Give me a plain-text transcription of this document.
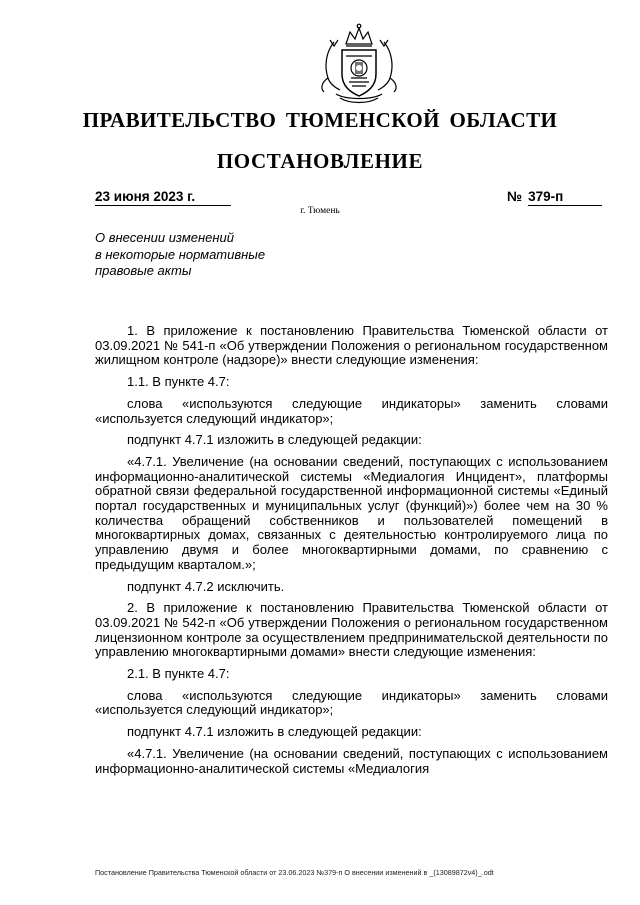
ПРАВИТЕЛЬСТВО ТЮМЕНСКОЙ ОБЛАСТИ
ПОСТАНОВЛЕНИЕ
23 июня 2023 г.	№ 379-п
г. Тюмень
О внесении изменений
в некоторые нормативные
правовые акты

1. В приложение к постановлению Правительства Тюменской области от 03.09.2021 № 541-п «Об утверждении Положения о региональном государственном жилищном контроле (надзоре)» внести следующие изменения:

1.1. В пункте 4.7:

слова «используются следующие индикаторы» заменить словами «используется следующий индикатор»;

подпункт 4.7.1 изложить в следующей редакции:

«4.7.1. Увеличение (на основании сведений, поступающих с использованием информационно-аналитической системы «Медиалогия Инцидент», платформы обратной связи федеральной государственной информационной системы «Единый портал государственных и муниципальных услуг (функций)») более чем на 30 % количества обращений собственников и пользователей помещений в многоквартирных домах, связанных с деятельностью контролируемого лица по управлению двумя и более многоквартирными домами, по сравнению с предыдущим кварталом.»;

подпункт 4.7.2 исключить.

2. В приложение к постановлению Правительства Тюменской области от 03.09.2021 № 542-п «Об утверждении Положения о региональном государственном лицензионном контроле за осуществлением предпринимательской деятельности по управлению многоквартирными домами» внести следующие изменения:

2.1. В пункте 4.7:

слова «используются следующие индикаторы» заменить словами «используется следующий индикатор»;

подпункт 4.7.1 изложить в следующей редакции:

«4.7.1. Увеличение (на основании сведений, поступающих с использованием информационно-аналитической системы «Медиалогия

Постановление Правительства Тюменской области от 23.06.2023 №379-п О внесении изменений в _(13089872v4)_.odt
